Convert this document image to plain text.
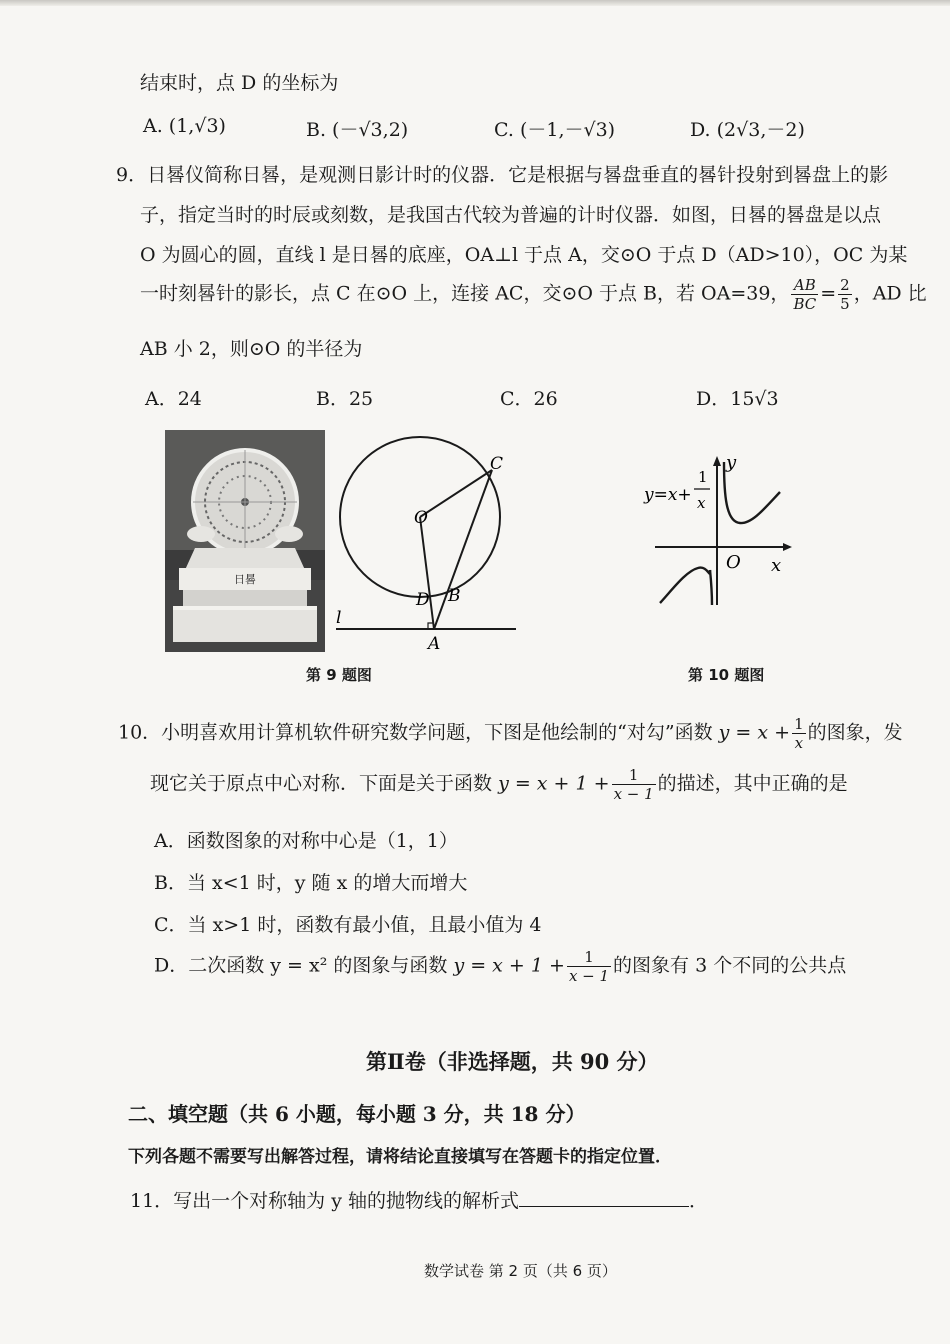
结束时，点 D 的坐标为
A. (1,√3)	B. (－√3,2)	C. (－1,－√3)	D. (2√3,－2)
9．日晷仪简称日晷，是观测日影计时的仪器．它是根据与晷盘垂直的晷针投射到晷盘上的影
子，指定当时的时辰或刻数，是我国古代较为普遍的计时仪器．如图，日晷的晷盘是以点
O 为圆心的圆，直线 l 是日晷的底座，OA⊥l 于点 A，交⊙O 于点 D（AD>10），OC 为某
一时刻晷针的影长，点 C 在⊙O 上，连接 AC，交⊙O 于点 B，若 OA=39， $\frac{AB}{BC} = \frac{2}{5}$ ，AD 比
AB 小 2，则⊙O 的半径为
A．24	B．25	C．26	D．15√3
日晷
O
C
D B
A
l
第 9 题图
y=x+
1
x
y
O x
第 10 题图
10．小明喜欢用计算机软件研究数学问题，下图是他绘制的“对勾”函数 $y = x + \frac{1}{x}$ 的图象，发
现它关于原点中心对称．下面是关于函数 $y = x + 1 + \frac{1}{x - 1}$ 的描述，其中正确的是
A．函数图象的对称中心是（1，1）
B．当 x<1 时，y 随 x 的增大而增大
C．当 x>1 时，函数有最小值，且最小值为 4
D．二次函数 y = x² 的图象与函数 $y = x + 1 + \frac{1}{x - 1}$ 的图象有 3 个不同的公共点
第Ⅱ卷（非选择题，共 90 分）
二、填空题（共 6 小题，每小题 3 分，共 18 分）
下列各题不需要写出解答过程，请将结论直接填写在答题卡的指定位置．
11．写出一个对称轴为 y 轴的抛物线的解析式	．
数学试卷 第 2 页（共 6 页）
